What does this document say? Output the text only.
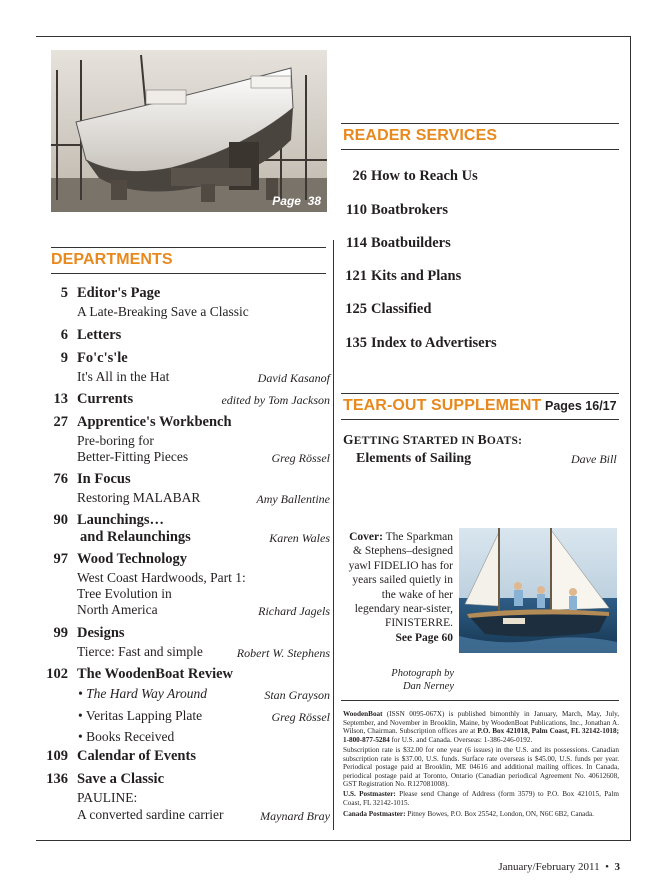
Page 38
DEPARTMENTS
5 Editor's Page
A Late-Breaking Save a Classic
6 Letters
9 Fo'c's'le
It's All in the Hat	David Kasanof
13 Currents	edited by Tom Jackson
27 Apprentice's Workbench
Pre-boring for
Better-Fitting Pieces	Greg Rössel
76 In Focus
Restoring MALABAR	Amy Ballentine
90 Launchings…
and Relaunchings	Karen Wales
97 Wood Technology
West Coast Hardwoods, Part 1:
Tree Evolution in
North America	Richard Jagels
99 Designs
Tierce: Fast and simple	Robert W. Stephens
102 The WoodenBoat Review
• The Hard Way Around	Stan Grayson
• Veritas Lapping Plate	Greg Rössel
• Books Received
109 Calendar of Events
136 Save a Classic
PAULINE:
A converted sardine carrier	Maynard Bray
READER SERVICES
26 How to Reach Us
110 Boatbrokers
114 Boatbuilders
121 Kits and Plans
125 Classified
135 Index to Advertisers
TEAR-OUT SUPPLEMENT Pages 16/17
GETTING STARTED IN BOATS:
Elements of Sailing	Dave Bill
Cover: The Sparkman & Stephens–designed yawl FIDELIO has for years sailed quietly in the wake of her legendary near-sister, FINISTERRE.
See Page 60
Photograph by
Dan Nerney
WoodenBoat (ISSN 0095-067X) is published bimonthly in January, March, May, July, September, and November in Brooklin, Maine, by WoodenBoat Publications, Inc., Jonathan A. Wilson, Chairman. Subscription offices are at P.O. Box 421018, Palm Coast, FL 32142-1018; 1-800-877-5284 for U.S. and Canada. Overseas: 1-386-246-0192.
Subscription rate is $32.00 for one year (6 issues) in the U.S. and its possessions. Canadian subscription rate is $37.00, U.S. funds. Surface rate overseas is $45.00, U.S. funds per year. Periodical postage paid at Brooklin, ME 04616 and additional mailing offices. In Canada, periodical postage paid at Toronto, Ontario (Canadian periodical Agreement No. 40612608, GST Registration No. R127081008).
U.S. Postmaster: Please send Change of Address (form 3579) to P.O. Box 421015, Palm Coast, FL 32142-1015.
Canada Postmaster: Pitney Bowes, P.O. Box 25542, London, ON, N6C 6B2, Canada.
January/February 2011 • 3
